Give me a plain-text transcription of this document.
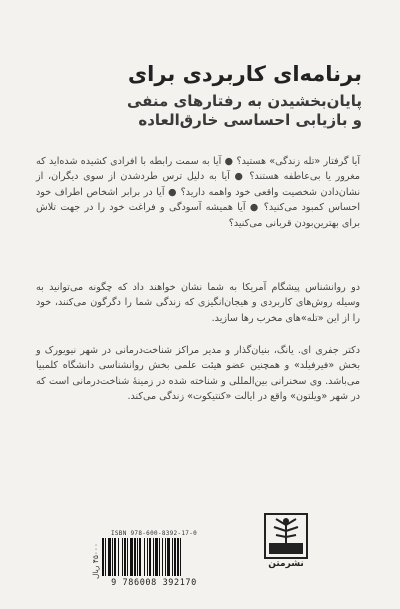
برنامه‌ای کاربردی برای
پایان‌بخشیدن به رفتارهای منفی
و بازیابی احساسی خارق‌العاده
آیا گرفتار «تله زندگی» هستید؟ ● آیا به سمت رابطه با افرادی کشیده شده‌اید که مغرور یا بی‌عاطفه هستند؟ ● آیا به دلیل ترس طردشدن از سوی دیگران، از نشان‌دادن شخصیت واقعی خود واهمه دارید؟ ● آیا در برابر اشخاص اطراف خود احساس کمبود می‌کنید؟ ● آیا همیشه آسودگی و فراغت خود را در جهت تلاش برای بهترین‌بودن قربانی می‌کنید؟
دو روانشناس پیشگام آمریکا به شما نشان خواهند داد که چگونه می‌توانید به وسیله روش‌های کاربردی و هیجان‌انگیزی که زندگی شما را دگرگون می‌کنند، خود را از این «تله»های مخرب رها سازید.
دکتر جفری ای. یانگ، بنیان‌گذار و مدیر مراکز شناخت‌درمانی در شهر نیویورک و بخش «فیرفیلد» و همچنین عضو هیئت علمی بخش روانشناسی دانشگاه کلمبیا می‌باشد. وی سخنرانی بین‌المللی و شناخته شده در زمینهٔ شناخت‌درمانی است که در شهر «ویلتون» واقع در ایالت «کنتیکوت» زندگی می‌کند.
۴۵۰۰۰ ریال
ISBN 978-600-8392-17-0
9 786008 392170
نشرمتن
